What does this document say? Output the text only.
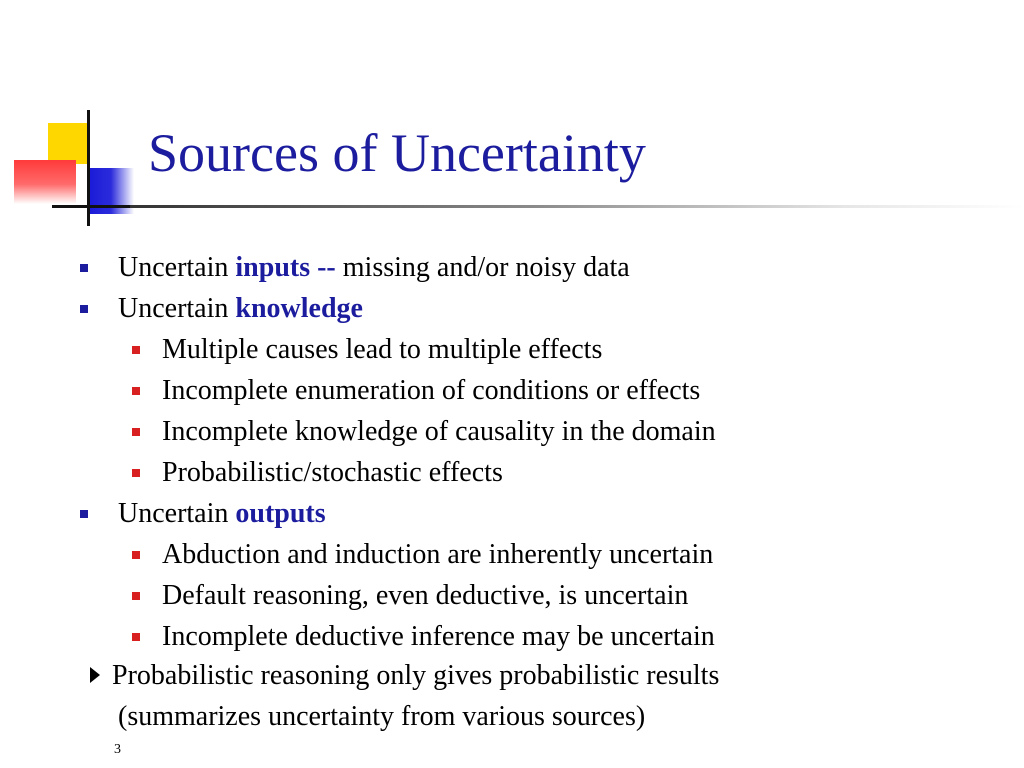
Sources of Uncertainty
Uncertain inputs -- missing and/or noisy data
Uncertain knowledge
Multiple causes lead to multiple effects
Incomplete enumeration of conditions or effects
Incomplete knowledge of causality in the domain
Probabilistic/stochastic effects
Uncertain outputs
Abduction and induction are inherently uncertain
Default reasoning, even deductive, is uncertain
Incomplete deductive inference may be uncertain
Probabilistic reasoning only gives probabilistic results
(summarizes uncertainty from various sources)
3
